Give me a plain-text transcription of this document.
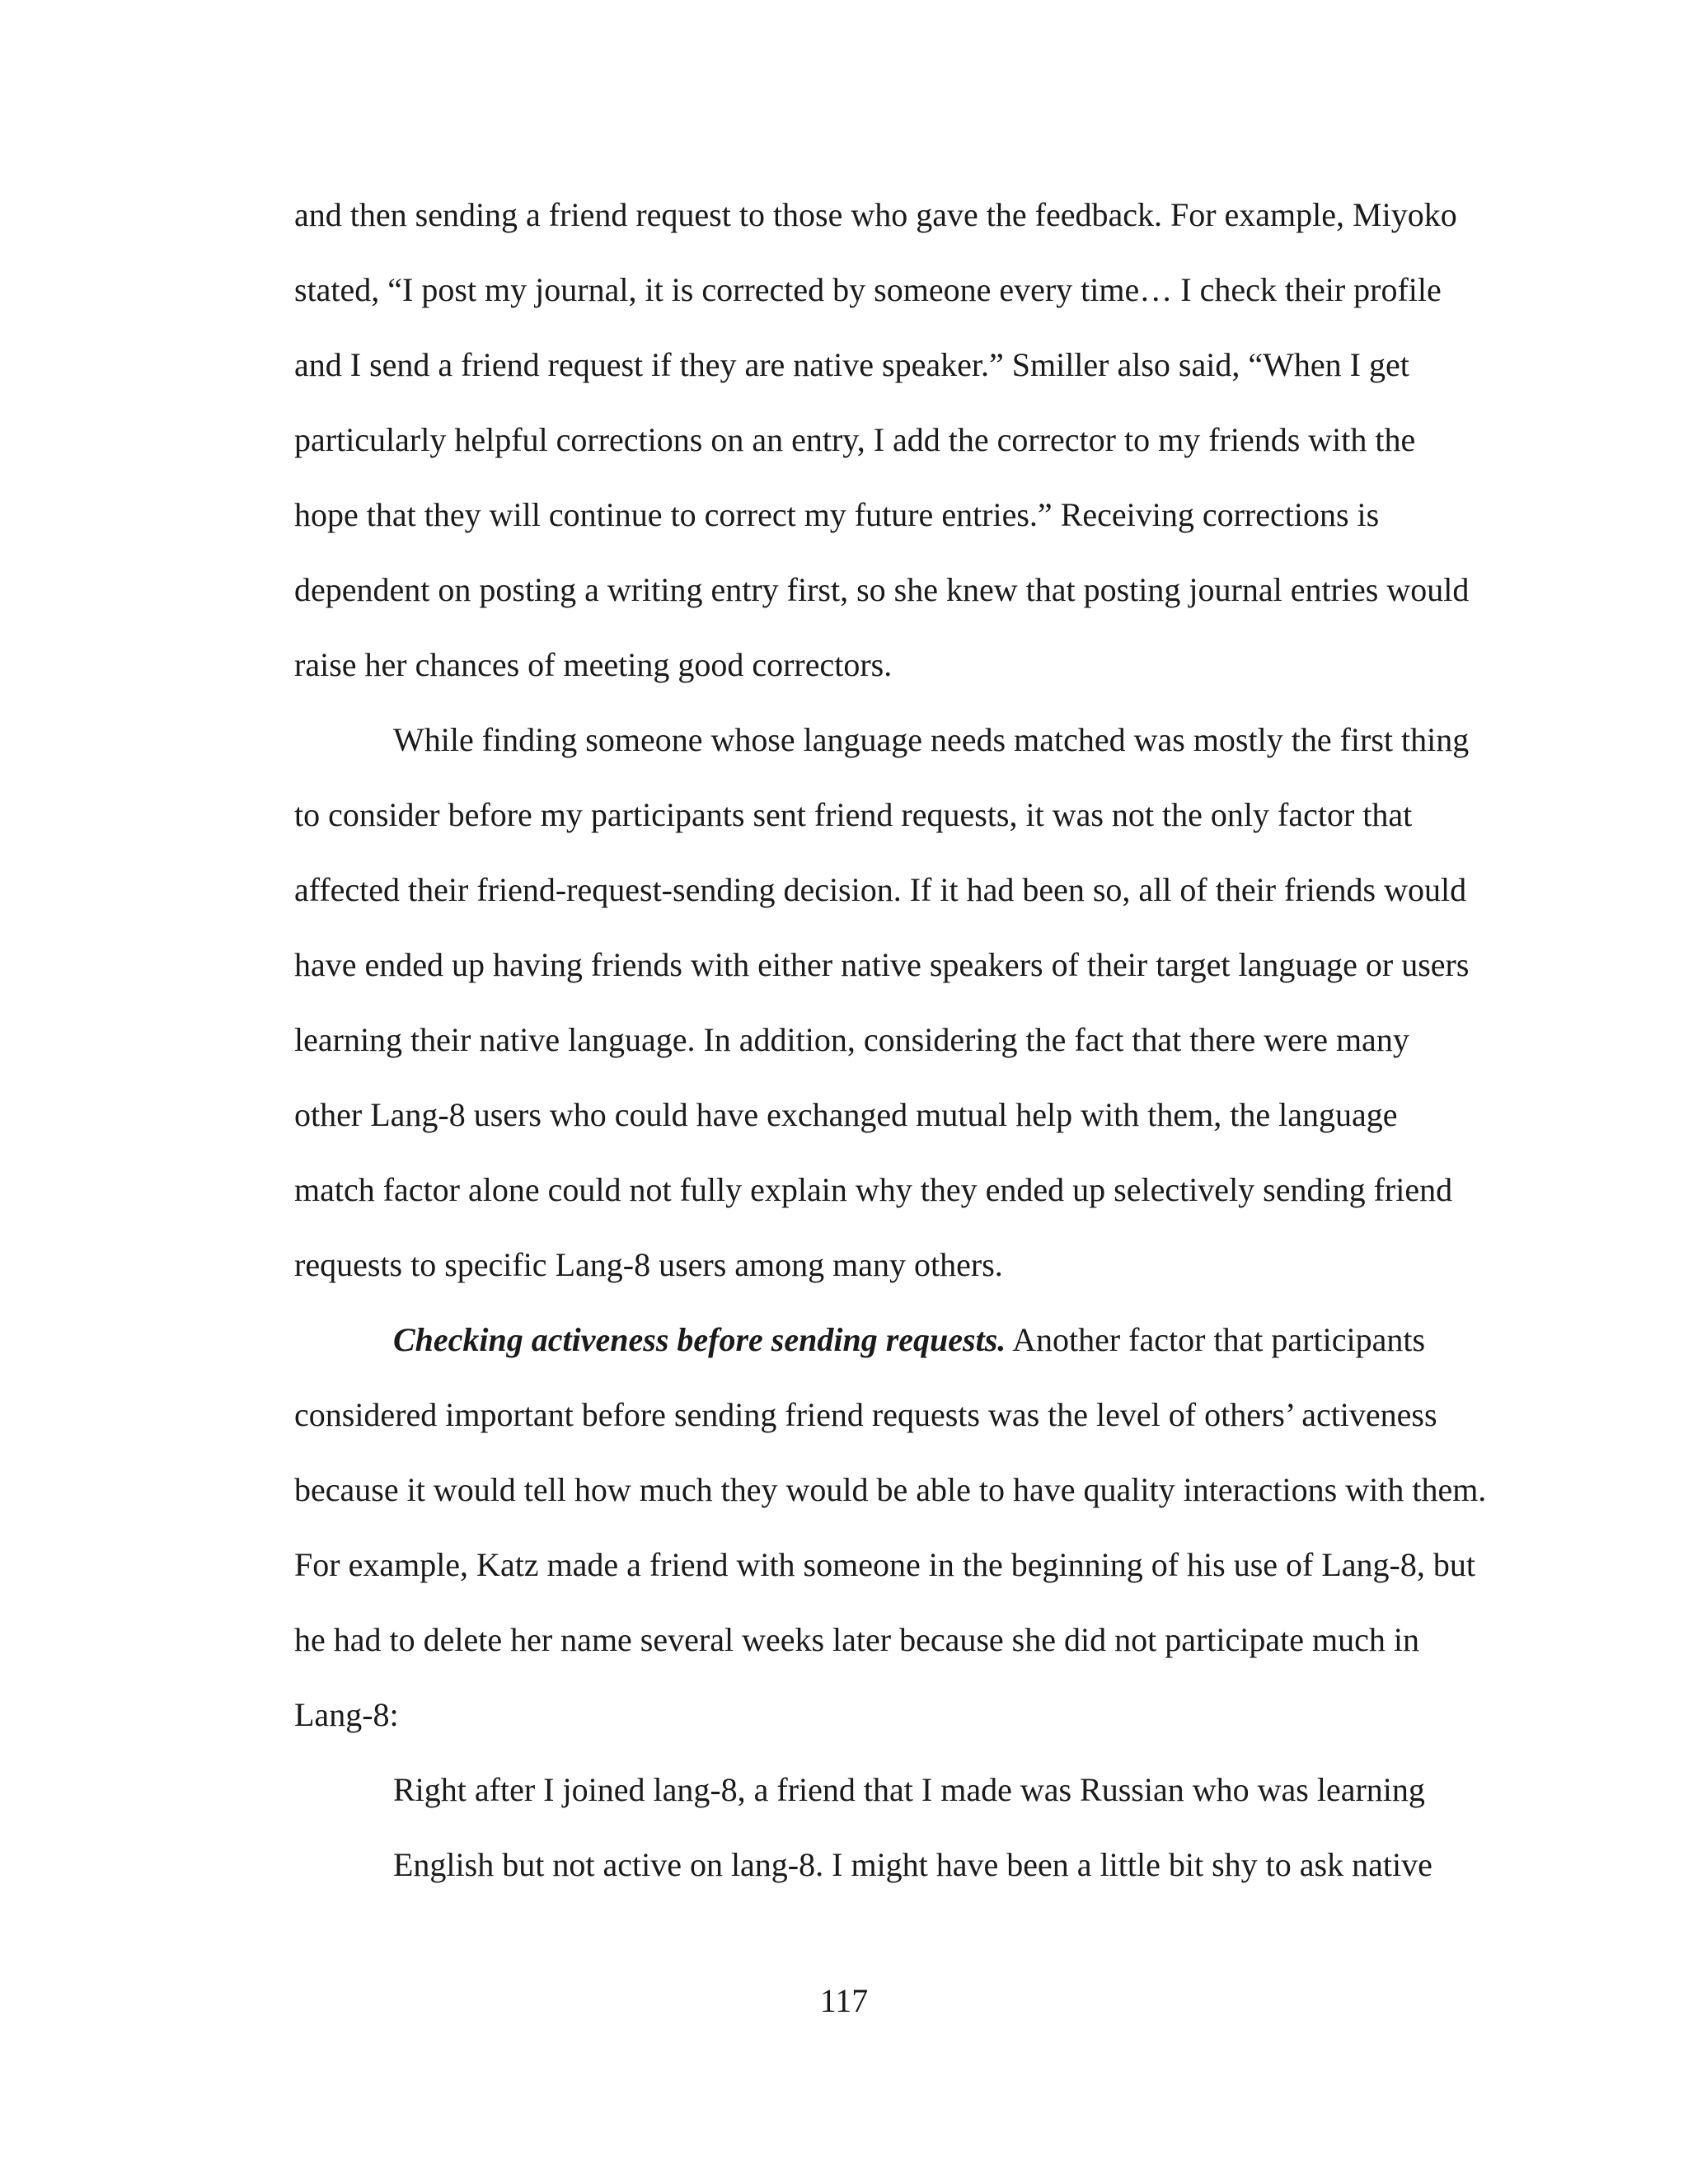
and then sending a friend request to those who gave the feedback. For example, Miyoko
stated, “I post my journal, it is corrected by someone every time… I check their profile
and I send a friend request if they are native speaker.” Smiller also said, “When I get
particularly helpful corrections on an entry, I add the corrector to my friends with the
hope that they will continue to correct my future entries.” Receiving corrections is
dependent on posting a writing entry first, so she knew that posting journal entries would
raise her chances of meeting good correctors.
While finding someone whose language needs matched was mostly the first thing
to consider before my participants sent friend requests, it was not the only factor that
affected their friend-request-sending decision. If it had been so, all of their friends would
have ended up having friends with either native speakers of their target language or users
learning their native language. In addition, considering the fact that there were many
other Lang-8 users who could have exchanged mutual help with them, the language
match factor alone could not fully explain why they ended up selectively sending friend
requests to specific Lang-8 users among many others.
Checking activeness before sending requests. Another factor that participants
considered important before sending friend requests was the level of others’ activeness
because it would tell how much they would be able to have quality interactions with them.
For example, Katz made a friend with someone in the beginning of his use of Lang-8, but
he had to delete her name several weeks later because she did not participate much in
Lang-8:
Right after I joined lang-8, a friend that I made was Russian who was learning
English but not active on lang-8. I might have been a little bit shy to ask native
117
